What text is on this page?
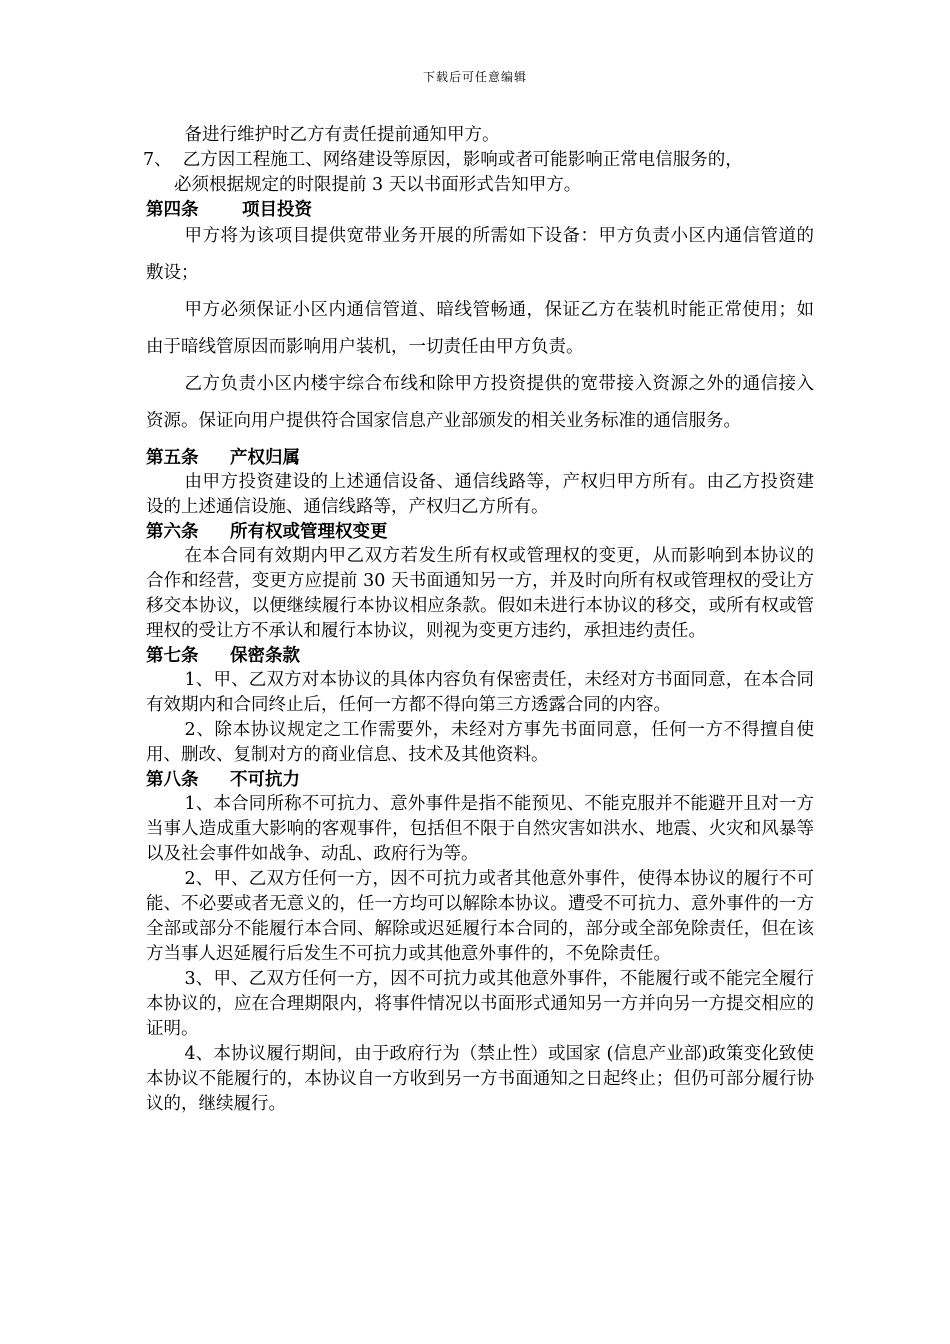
下载后可任意编辑

备进行维护时乙方有责任提前通知甲方。

7、 乙方因工程施工、网络建设等原因，影响或者可能影响正常电信服务的，

必须根据规定的时限提前 3 天以书面形式告知甲方。

第四条 项目投资

甲方将为该项目提供宽带业务开展的所需如下设备：甲方负责小区内通信管道的敷设；

甲方必须保证小区内通信管道、暗线管畅通，保证乙方在装机时能正常使用；如由于暗线管原因而影响用户装机，一切责任由甲方负责。

乙方负责小区内楼宇综合布线和除甲方投资提供的宽带接入资源之外的通信接入资源。保证向用户提供符合国家信息产业部颁发的相关业务标准的通信服务。

第五条 产权归属

由甲方投资建设的上述通信设备、通信线路等，产权归甲方所有。由乙方投资建设的上述通信设施、通信线路等，产权归乙方所有。

第六条 所有权或管理权变更

在本合同有效期内甲乙双方若发生所有权或管理权的变更，从而影响到本协议的合作和经营，变更方应提前 30 天书面通知另一方，并及时向所有权或管理权的受让方移交本协议，以便继续履行本协议相应条款。假如未进行本协议的移交，或所有权或管理权的受让方不承认和履行本协议，则视为变更方违约，承担违约责任。

第七条 保密条款

1、甲、乙双方对本协议的具体内容负有保密责任，未经对方书面同意，在本合同有效期内和合同终止后，任何一方都不得向第三方透露合同的内容。

2、除本协议规定之工作需要外，未经对方事先书面同意，任何一方不得擅自使用、删改、复制对方的商业信息、技术及其他资料。

第八条 不可抗力

1、本合同所称不可抗力、意外事件是指不能预见、不能克服并不能避开且对一方当事人造成重大影响的客观事件，包括但不限于自然灾害如洪水、地震、火灾和风暴等以及社会事件如战争、动乱、政府行为等。

2、甲、乙双方任何一方，因不可抗力或者其他意外事件，使得本协议的履行不可能、不必要或者无意义的，任一方均可以解除本协议。遭受不可抗力、意外事件的一方全部或部分不能履行本合同、解除或迟延履行本合同的，部分或全部免除责任，但在该方当事人迟延履行后发生不可抗力或其他意外事件的，不免除责任。

3、甲、乙双方任何一方，因不可抗力或其他意外事件，不能履行或不能完全履行本协议的，应在合理期限内，将事件情况以书面形式通知另一方并向另一方提交相应的证明。

4、本协议履行期间，由于政府行为（禁止性）或国家 (信息产业部)政策变化致使本协议不能履行的，本协议自一方收到另一方书面通知之日起终止；但仍可部分履行协议的，继续履行。
